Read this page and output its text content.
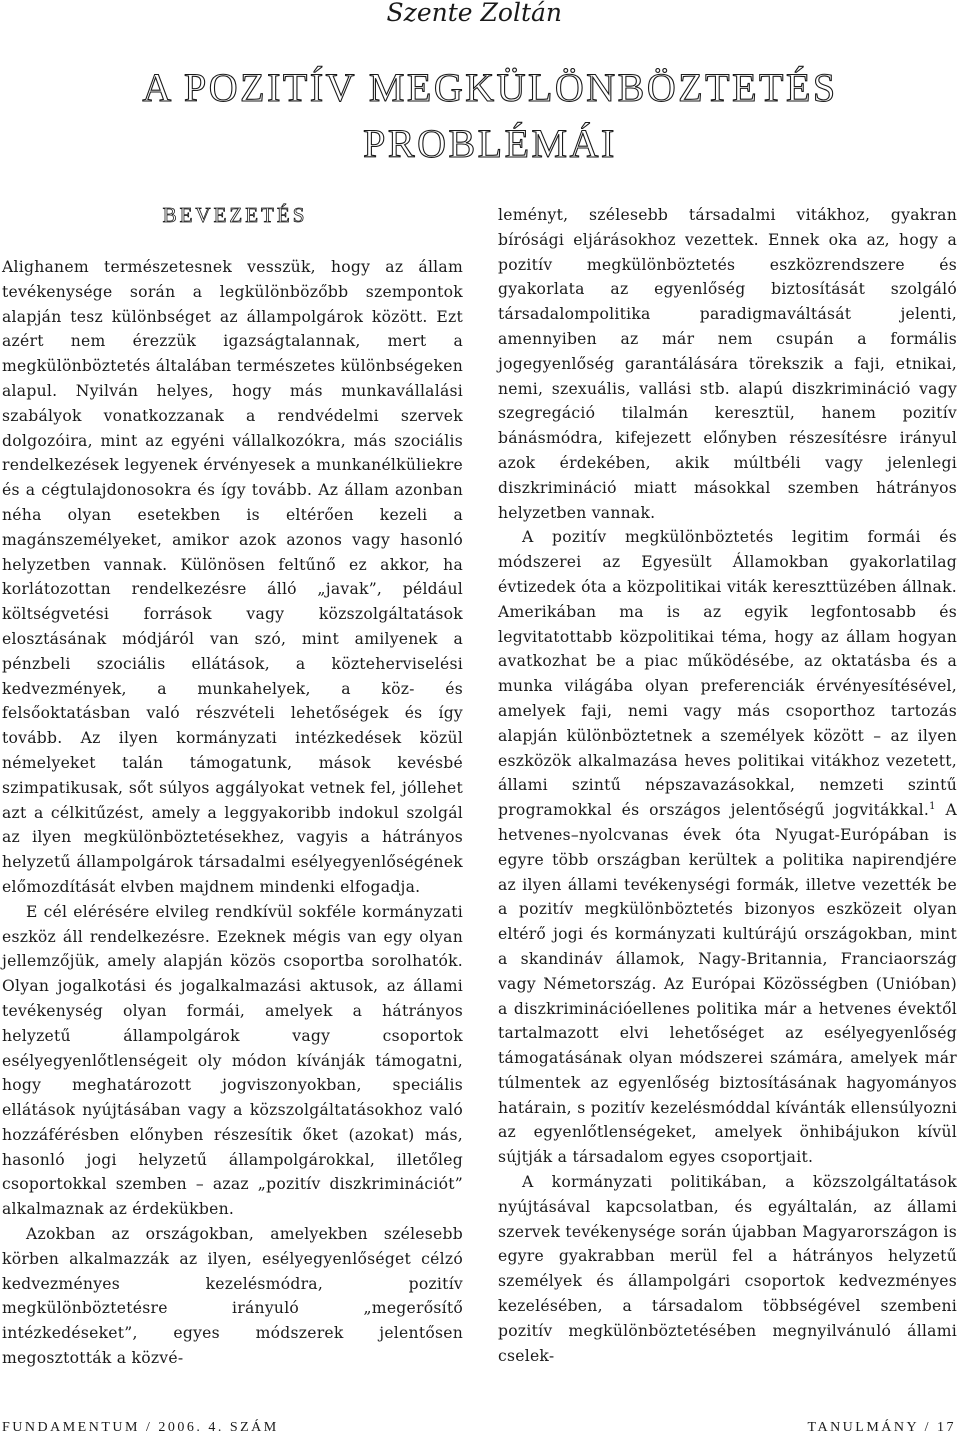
Szente Zoltán

A POZITÍV MEGKÜLÖNBÖZTETÉS PROBLÉMÁI
BEVEZETÉS

Alighanem természetesnek vesszük, hogy az állam tevékenysége során a legkülönbözőbb szempontok alapján tesz különbséget az állampolgárok között. Ezt azért nem érezzük igazságtalannak, mert a megkülönböztetés általában természetes különbségeken alapul. Nyilván helyes, hogy más munkavállalási szabályok vonatkozzanak a rendvédelmi szervek dolgozóira, mint az egyéni vállalkozókra, más szociális rendelkezések legyenek érvényesek a munkanélküliekre és a cégtulajdonosokra és így tovább. Az állam azonban néha olyan esetekben is eltérően kezeli a magánszemélyeket, amikor azok azonos vagy hasonló helyzetben vannak. Különösen feltűnő ez akkor, ha korlátozottan rendelkezésre álló „javak”, például költségvetési források vagy közszolgáltatások elosztásának módjáról van szó, mint amilyenek a pénzbeli szociális ellátások, a közteherviselési kedvezmények, a munkahelyek, a köz- és felsőoktatásban való részvételi lehetőségek és így tovább. Az ilyen kormányzati intézkedések közül némelyeket talán támogatunk, mások kevésbé szimpatikusak, sőt súlyos aggályokat vetnek fel, jóllehet azt a célkitűzést, amely a leggyakoribb indokul szolgál az ilyen megkülönböztetésekhez, vagyis a hátrányos helyzetű állampolgárok társadalmi esélyegyenlőségének előmozdítását elvben majdnem mindenki elfogadja.

E cél elérésére elvileg rendkívül sokféle kormányzati eszköz áll rendelkezésre. Ezeknek mégis van egy olyan jellemzőjük, amely alapján közös csoportba sorolhatók. Olyan jogalkotási és jogalkalmazási aktusok, az állami tevékenység olyan formái, amelyek a hátrányos helyzetű állampolgárok vagy csoportok esélyegyenlőtlenségeit oly módon kívánják támogatni, hogy meghatározott jogviszonyokban, speciális ellátások nyújtásában vagy a közszolgáltatásokhoz való hozzáférésben előnyben részesítik őket (azokat) más, hasonló jogi helyzetű állampolgárokkal, illetőleg csoportokkal szemben – azaz „pozitív diszkriminációt” alkalmaznak az érdekükben.

Azokban az országokban, amelyekben szélesebb körben alkalmazzák az ilyen, esélyegyenlőséget célzó kedvezményes kezelésmódra, pozitív megkülönböztetésre irányuló „megerősítő intézkedéseket”, egyes módszerek jelentősen megosztották a közvé-

leményt, szélesebb társadalmi vitákhoz, gyakran bírósági eljárásokhoz vezettek. Ennek oka az, hogy a pozitív megkülönböztetés eszközrendszere és gyakorlata az egyenlőség biztosítását szolgáló társadalompolitika paradigmaváltását jelenti, amennyiben az már nem csupán a formális jogegyenlőség garantálására törekszik a faji, etnikai, nemi, szexuális, vallási stb. alapú diszkrimináció vagy szegregáció tilalmán keresztül, hanem pozitív bánásmódra, kifejezett előnyben részesítésre irányul azok érdekében, akik múltbéli vagy jelenlegi diszkrimináció miatt másokkal szemben hátrányos helyzetben vannak.

A pozitív megkülönböztetés legitim formái és módszerei az Egyesült Államokban gyakorlatilag évtizedek óta a közpolitikai viták kereszttüzében állnak. Amerikában ma is az egyik legfontosabb és legvitatottabb közpolitikai téma, hogy az állam hogyan avatkozhat be a piac működésébe, az oktatásba és a munka világába olyan preferenciák érvényesítésével, amelyek faji, nemi vagy más csoporthoz tartozás alapján különböztetnek a személyek között – az ilyen eszközök alkalmazása heves politikai vitákhoz vezetett, állami szintű népszavazásokkal, nemzeti szintű programokkal és országos jelentőségű jogvitákkal.$^1$ A hetvenes–nyolcvanas évek óta Nyugat-Európában is egyre több országban kerültek a politika napirendjére az ilyen állami tevékenységi formák, illetve vezették be a pozitív megkülönböztetés bizonyos eszközeit olyan eltérő jogi és kormányzati kultúrájú országokban, mint a skandináv államok, Nagy-Britannia, Franciaország vagy Németország. Az Európai Közösségben (Unióban) a diszkriminációellenes politika már a hetvenes évektől tartalmazott elvi lehetőséget az esélyegyenlőség támogatásának olyan módszerei számára, amelyek már túlmentek az egyenlőség biztosításának hagyományos határain, s pozitív kezelésmóddal kívánták ellensúlyozni az egyenlőtlenségeket, amelyek önhibájukon kívül sújtják a társadalom egyes csoportjait.

A kormányzati politikában, a közszolgáltatások nyújtásával kapcsolatban, és egyáltalán, az állami szervek tevékenysége során újabban Magyarországon is egyre gyakrabban merül fel a hátrányos helyzetű személyek és állampolgári csoportok kedvezményes kezelésében, a társadalom többségével szembeni pozitív megkülönböztetésében megnyilvánuló állami cselek-

FUNDAMENTUM / 2006. 4. SZÁM	TANULMÁNY / 17
